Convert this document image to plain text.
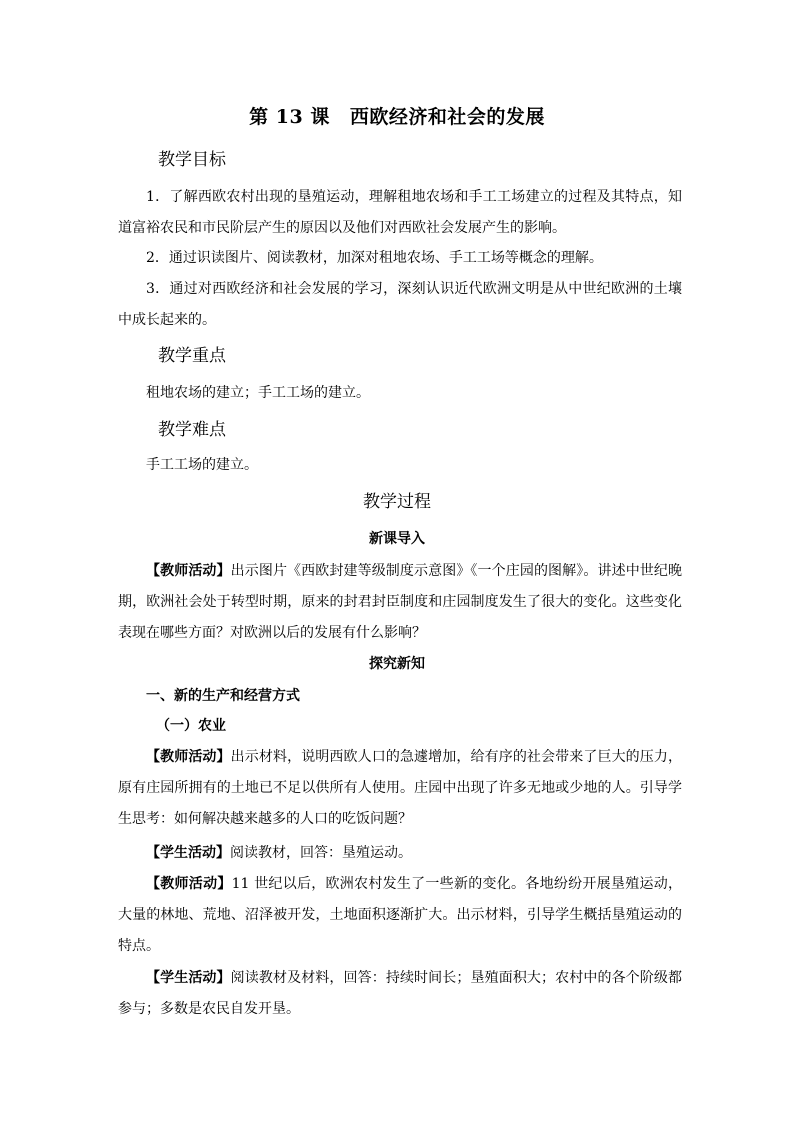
第 13 课 西欧经济和社会的发展
教学目标

1．了解西欧农村出现的垦殖运动，理解租地农场和手工工场建立的过程及其特点，知道富裕农民和市民阶层产生的原因以及他们对西欧社会发展产生的影响。

2．通过识读图片、阅读教材，加深对租地农场、手工工场等概念的理解。

3．通过对西欧经济和社会发展的学习，深刻认识近代欧洲文明是从中世纪欧洲的土壤中成长起来的。

教学重点

租地农场的建立；手工工场的建立。

教学难点

手工工场的建立。

教学过程
新课导入

【教师活动】出示图片《西欧封建等级制度示意图》《一个庄园的图解》。讲述中世纪晚期，欧洲社会处于转型时期，原来的封君封臣制度和庄园制度发生了很大的变化。这些变化表现在哪些方面？对欧洲以后的发展有什么影响？

探究新知
一、新的生产和经营方式
（一）农业

【教师活动】出示材料，说明西欧人口的急遽增加，给有序的社会带来了巨大的压力，原有庄园所拥有的土地已不足以供所有人使用。庄园中出现了许多无地或少地的人。引导学生思考：如何解决越来越多的人口的吃饭问题？

【学生活动】阅读教材，回答：垦殖运动。

【教师活动】11 世纪以后，欧洲农村发生了一些新的变化。各地纷纷开展垦殖运动，大量的林地、荒地、沼泽被开发，土地面积逐渐扩大。出示材料，引导学生概括垦殖运动的特点。

【学生活动】阅读教材及材料，回答：持续时间长；垦殖面积大；农村中的各个阶级都参与；多数是农民自发开垦。
